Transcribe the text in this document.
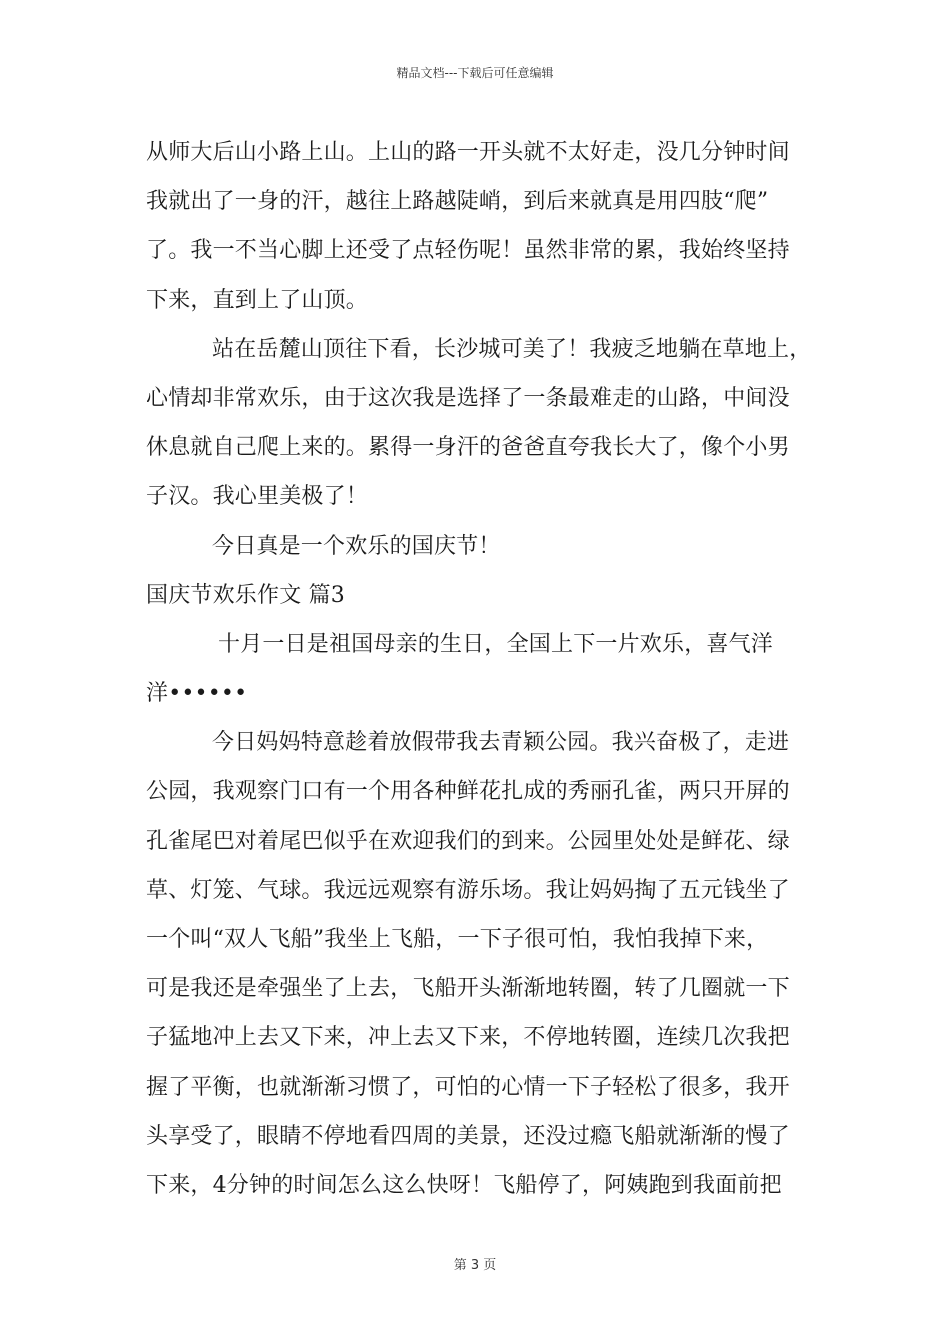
精品文档---下载后可任意编辑
从师大后山小路上山。上山的路一开头就不太好走，没几分钟时间
我就出了一身的汗，越往上路越陡峭，到后来就真是用四肢“爬”
了。我一不当心脚上还受了点轻伤呢！虽然非常的累，我始终坚持
下来，直到上了山顶。
站在岳麓山顶往下看，长沙城可美了！我疲乏地躺在草地上，
心情却非常欢乐，由于这次我是选择了一条最难走的山路，中间没
休息就自己爬上来的。累得一身汗的爸爸直夸我长大了，像个小男
子汉。我心里美极了！
今日真是一个欢乐的国庆节！
国庆节欢乐作文 篇3
十月一日是祖国母亲的生日，全国上下一片欢乐，喜气洋
洋••••••
今日妈妈特意趁着放假带我去青颖公园。我兴奋极了，走进
公园，我观察门口有一个用各种鲜花扎成的秀丽孔雀，两只开屏的
孔雀尾巴对着尾巴似乎在欢迎我们的到来。公园里处处是鲜花、绿
草、灯笼、气球。我远远观察有游乐场。我让妈妈掏了五元钱坐了
一个叫“双人飞船”我坐上飞船，一下子很可怕，我怕我掉下来，
可是我还是牵强坐了上去，飞船开头渐渐地转圈，转了几圈就一下
子猛地冲上去又下来，冲上去又下来，不停地转圈，连续几次我把
握了平衡，也就渐渐习惯了，可怕的心情一下子轻松了很多，我开
头享受了，眼睛不停地看四周的美景，还没过瘾飞船就渐渐的慢了
下来，4分钟的时间怎么这么快呀！飞船停了，阿姨跑到我面前把
第 3 页
